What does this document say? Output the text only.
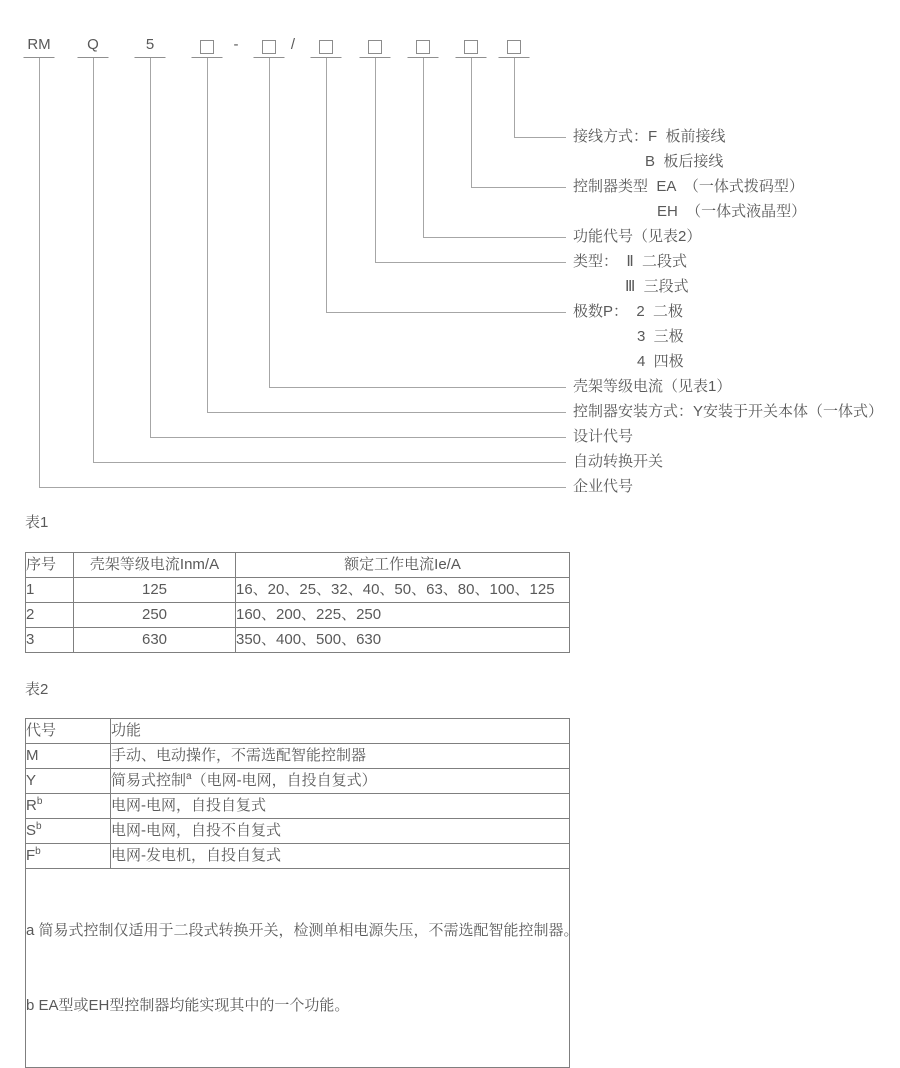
RM Q	5	-	/
接线方式：F  板前接线
B  板后接线
控制器类型  EA  （一体式拨码型）
EH  （一体式液晶型）
功能代号（见表2）
类型：  Ⅱ  二段式
Ⅲ  三段式
极数P：  2  二极
3  三极
4  四极
壳架等级电流（见表1）
控制器安装方式：Y安装于开关本体（一体式）
设计代号
自动转换开关
企业代号
表1
序号	壳架等级电流Inm/A	额定工作电流Ie/A
1	125	16、20、25、32、40、50、63、80、100、125
2	250	160、200、225、250
3	630	350、400、500、630
表2
代号	功能
M	手动、电动操作，不需选配智能控制器
Y	简易式控制$^a$（电网-电网，自投自复式）
$R^b$	电网-电网，自投自复式
$S^b$	电网-电网，自投不自复式
$F^b$	电网-发电机，自投自复式

a 简易式控制仅适用于二段式转换开关，检测单相电源失压，不需选配智能控制器。

b EA型或EH型控制器均能实现其中的一个功能。	
